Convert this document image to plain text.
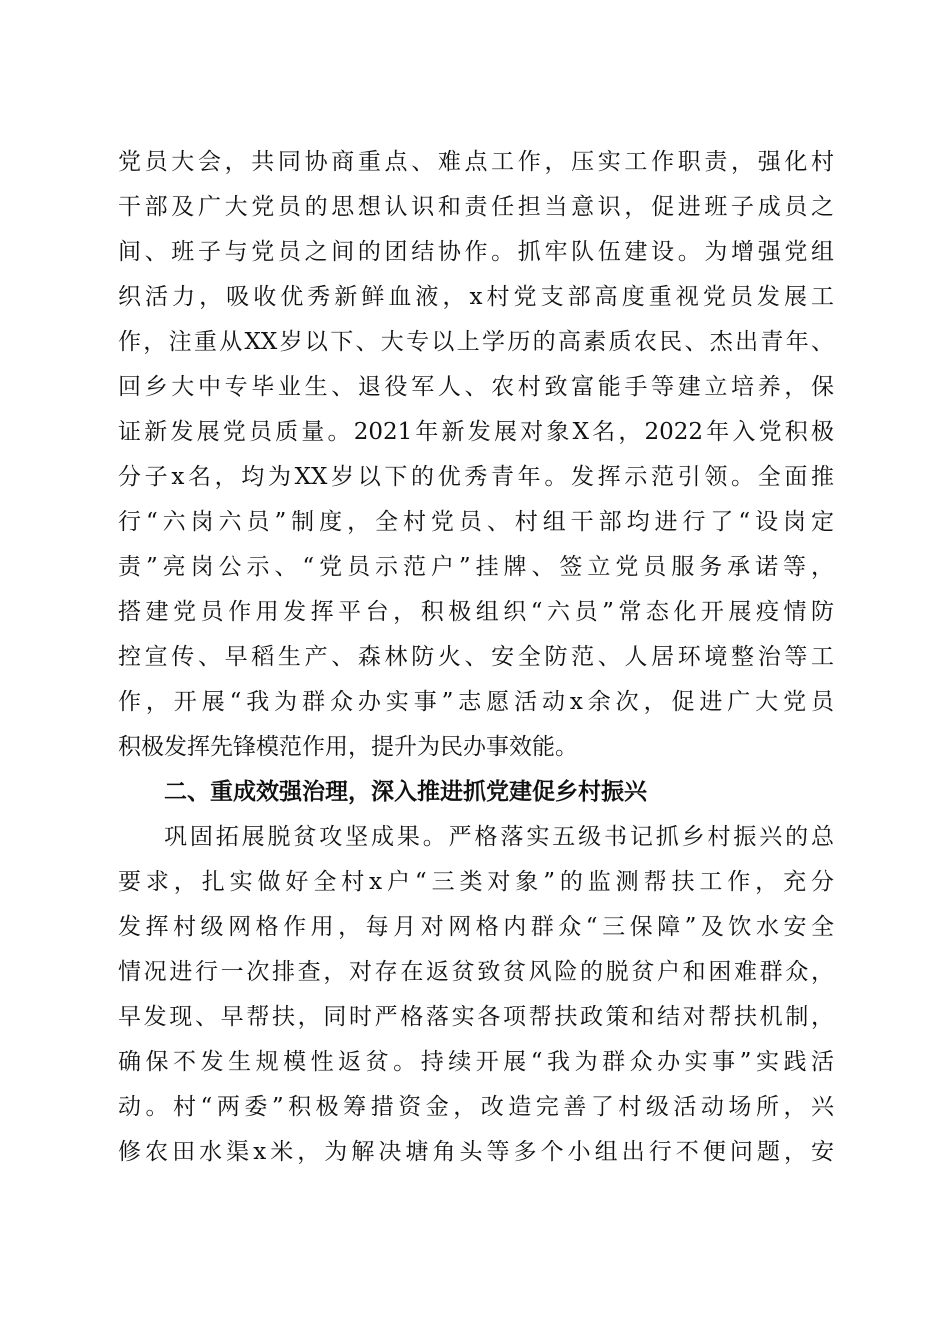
党员大会，共同协商重点、难点工作，压实工作职责，强化村
干部及广大党员的思想认识和责任担当意识，促进班子成员之
间、班子与党员之间的团结协作。抓牢队伍建设。为增强党组
织活力，吸收优秀新鲜血液，x村党支部高度重视党员发展工
作，注重从XX岁以下、大专以上学历的高素质农民、杰出青年、
回乡大中专毕业生、退役军人、农村致富能手等建立培养，保
证新发展党员质量。2021年新发展对象X名，2022年入党积极
分子x名，均为XX岁以下的优秀青年。发挥示范引领。全面推
行“六岗六员”制度，全村党员、村组干部均进行了“设岗定
责”亮岗公示、“党员示范户”挂牌、签立党员服务承诺等，
搭建党员作用发挥平台，积极组织“六员”常态化开展疫情防
控宣传、早稻生产、森林防火、安全防范、人居环境整治等工
作，开展“我为群众办实事”志愿活动x余次，促进广大党员
积极发挥先锋模范作用，提升为民办事效能。
二、重成效强治理，深入推进抓党建促乡村振兴
巩固拓展脱贫攻坚成果。严格落实五级书记抓乡村振兴的总
要求，扎实做好全村x户“三类对象”的监测帮扶工作，充分
发挥村级网格作用，每月对网格内群众“三保障”及饮水安全
情况进行一次排查，对存在返贫致贫风险的脱贫户和困难群众，
早发现、早帮扶，同时严格落实各项帮扶政策和结对帮扶机制，
确保不发生规模性返贫。持续开展“我为群众办实事”实践活
动。村“两委”积极筹措资金，改造完善了村级活动场所，兴
修农田水渠x米，为解决塘角头等多个小组出行不便问题，安
